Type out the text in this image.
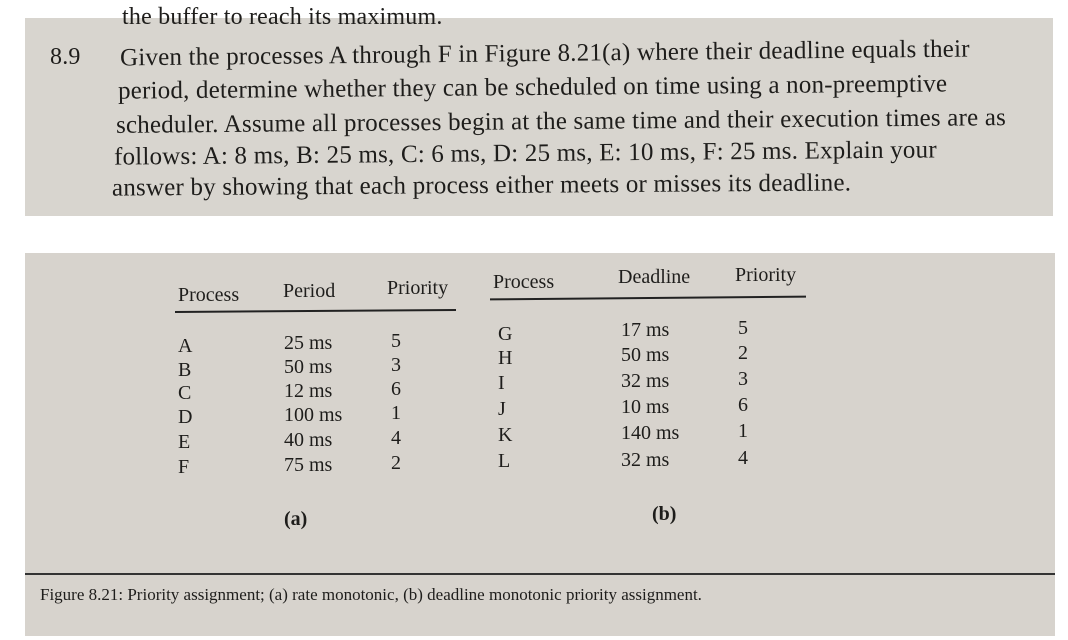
the buffer to reach its maximum.
8.9 Given the processes A through F in Figure 8.21(a) where their deadline equals their
period, determine whether they can be scheduled on time using a non-preemptive
scheduler. Assume all processes begin at the same time and their execution times are as
follows: A: 8 ms, B: 25 ms, C: 6 ms, D: 25 ms, E: 10 ms, F: 25 ms. Explain your
answer by showing that each process either meets or misses its deadline.
Process Period	Priority
A	25 ms	5
B	50 ms	3
C	12 ms	6
D	100 ms 1
E	40 ms	4
F	75 ms	2
(a)
Process	Deadline Priority
G	17 ms	5
H	50 ms	2
I	32 ms	3
J	10 ms	6
K	140 ms	1
L	32 ms	4
(b)
Figure 8.21: Priority assignment; (a) rate monotonic, (b) deadline monotonic priority assignment.
